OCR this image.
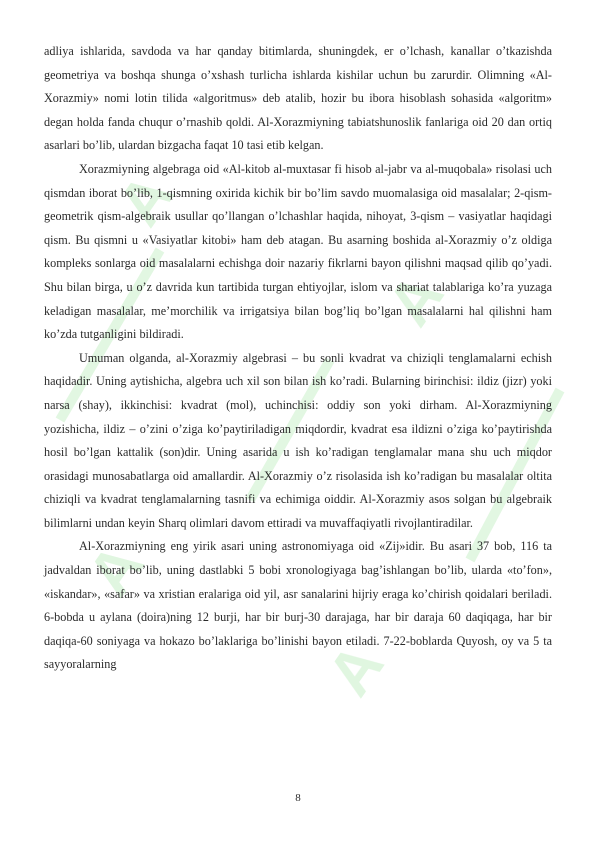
A
A
A
A

adliya ishlarida, savdoda va har qanday bitimlarda, shuningdek, er o’lchash, kanallar o’tkazishda geometriya va boshqa shunga o’xshash turlicha ishlarda kishilar uchun bu zarurdir. Olimning «Al-Xorazmiy» nomi lotin tilida «algoritmus» deb atalib, hozir bu ibora hisoblash sohasida «algoritm» degan holda fanda chuqur o’rnashib qoldi. Al-Xorazmiyning tabiatshunoslik fanlariga oid 20 dan ortiq asarlari bo’lib, ulardan bizgacha faqat 10 tasi etib kelgan.

Xorazmiyning algebraga oid «Al-kitob al-muxtasar fi hisob al-jabr va al-muqobala» risolasi uch qismdan iborat bo’lib, 1-qismning oxirida kichik bir bo’lim savdo muomalasiga oid masalalar; 2-qism-geometrik qism-algebraik usullar qo’llangan o’lchashlar haqida, nihoyat, 3-qism – vasiyatlar haqidagi qism. Bu qismni u «Vasiyatlar kitobi» ham deb atagan. Bu asarning boshida al-Xorazmiy o’z oldiga kompleks sonlarga oid masalalarni echishga doir nazariy fikrlarni bayon qilishni maqsad qilib qo’yadi. Shu bilan birga, u o’z davrida kun tartibida turgan ehtiyojlar, islom va shariat talablariga ko’ra yuzaga keladigan masalalar, me’morchilik va irrigatsiya bilan bog’liq bo’lgan masalalarni hal qilishni ham ko’zda tutganligini bildiradi.

Umuman olganda, al-Xorazmiy algebrasi – bu sonli kvadrat va chiziqli tenglamalarni echish haqidadir. Uning aytishicha, algebra uch xil son bilan ish ko’radi. Bularning birinchisi: ildiz (jizr) yoki narsa (shay), ikkinchisi: kvadrat (mol), uchinchisi: oddiy son yoki dirham. Al-Xorazmiyning yozishicha, ildiz – o’zini o’ziga ko’paytiriladigan miqdordir, kvadrat esa ildizni o’ziga ko’paytirishda hosil bo’lgan kattalik (son)dir. Uning asarida u ish ko’radigan tenglamalar mana shu uch miqdor orasidagi munosabatlarga oid amallardir. Al-Xorazmiy o’z risolasida ish ko’radigan bu masalalar oltita chiziqli va kvadrat tenglamalarning tasnifi va echimiga oiddir. Al-Xorazmiy asos solgan bu algebraik bilimlarni undan keyin Sharq olimlari davom ettiradi va muvaffaqiyatli rivojlantiradilar.

Al-Xorazmiyning eng yirik asari uning astronomiyaga oid «Zij»idir. Bu asari 37 bob, 116 ta jadvaldan iborat bo’lib, uning dastlabki 5 bobi xronologiyaga bag’ishlangan bo’lib, ularda «to’fon», «iskandar», «safar» va xristian eralariga oid yil, asr sanalarini hijriy eraga ko’chirish qoidalari beriladi. 6-bobda u aylana (doira)ning 12 burji, har bir burj-30 darajaga, har bir daraja 60 daqiqaga, har bir daqiqa-60 soniyaga va hokazo bo’laklariga bo’linishi bayon etiladi. 7-22-boblarda Quyosh, oy va 5 ta sayyoralarning

8
